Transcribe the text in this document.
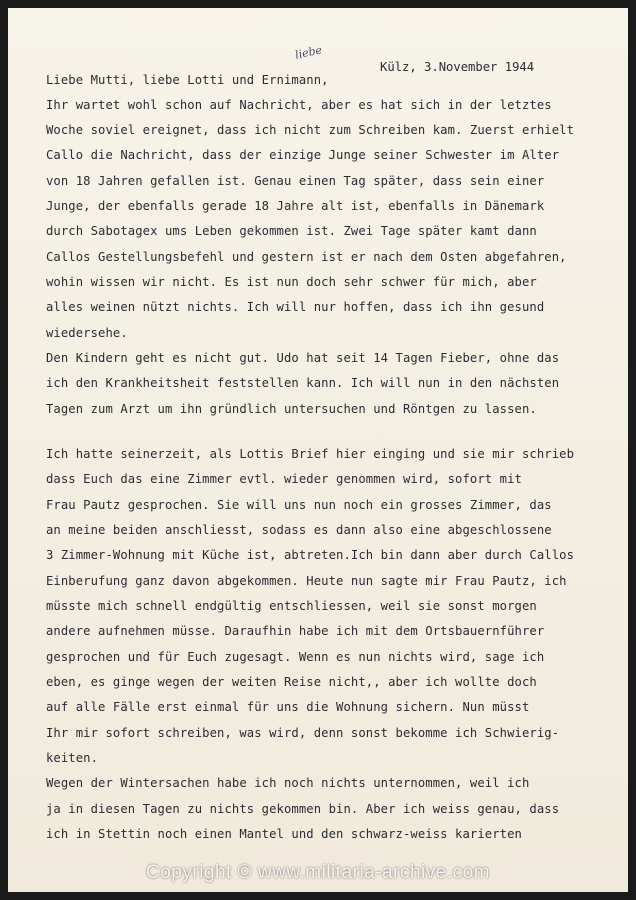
liebe
Külz, 3.November 1944
Liebe Mutti, liebe Lotti und Ernimann,
Ihr wartet wohl schon auf Nachricht, aber es hat sich in der letztes
Woche soviel ereignet, dass ich nicht zum Schreiben kam. Zuerst erhielt
Callo die Nachricht, dass der einzige Junge seiner Schwester im Alter
von 18 Jahren gefallen ist. Genau einen Tag später, dass sein einer
Junge, der ebenfalls gerade 18 Jahre alt ist, ebenfalls in Dänemark
durch Sabotagex ums Leben gekommen ist. Zwei Tage später kamt dann
Callos Gestellungsbefehl und gestern ist er nach dem Osten abgefahren,
wohin wissen wir nicht. Es ist nun doch sehr schwer für mich, aber
alles weinen nützt nichts. Ich will nur hoffen, dass ich ihn gesund
wiedersehe.
Den Kindern geht es nicht gut. Udo hat seit 14 Tagen Fieber, ohne das
ich den Krankheitsheit feststellen kann. Ich will nun in den nächsten
Tagen zum Arzt um ihn gründlich untersuchen und Röntgen zu lassen.
Ich hatte seinerzeit, als Lottis Brief hier einging und sie mir schrieb
dass Euch das eine Zimmer evtl. wieder genommen wird, sofort mit
Frau Pautz gesprochen. Sie will uns nun noch ein grosses Zimmer, das
an meine beiden anschliesst, sodass es dann also eine abgeschlossene
3 Zimmer-Wohnung mit Küche ist, abtreten.Ich bin dann aber durch Callos
Einberufung ganz davon abgekommen. Heute nun sagte mir Frau Pautz, ich
müsste mich schnell endgültig entschliessen, weil sie sonst morgen
andere aufnehmen müsse. Daraufhin habe ich mit dem Ortsbauernführer
gesprochen und für Euch zugesagt. Wenn es nun nichts wird, sage ich
eben, es ginge wegen der weiten Reise nicht,, aber ich wollte doch
auf alle Fälle erst einmal für uns die Wohnung sichern. Nun müsst
Ihr mir sofort schreiben, was wird, denn sonst bekomme ich Schwierig-
keiten.
Wegen der Wintersachen habe ich noch nichts unternommen, weil ich
ja in diesen Tagen zu nichts gekommen bin. Aber ich weiss genau, dass
ich in Stettin noch einen Mantel und den schwarz-weiss karierten
Copyright © www.militaria-archive.com
